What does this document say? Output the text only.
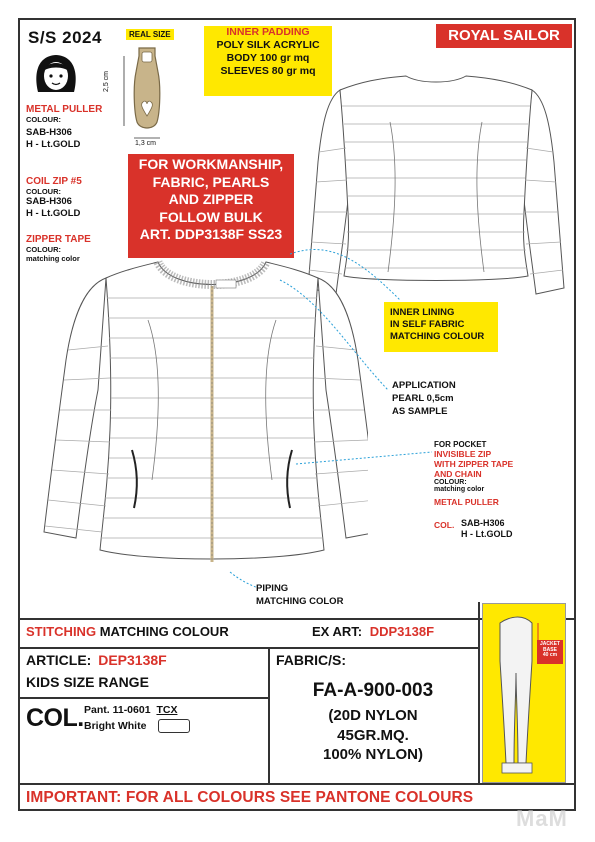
S/S 2024	REAL SIZE	ROYAL SAILOR
2,5 cm
1,3 cm
INNER PADDING
POLY SILK ACRYLIC
BODY 100 gr mq
SLEEVES 80 gr mq
METAL PULLER
COLOUR:
SAB-H306
H - Lt.GOLD
COIL ZIP #5
COLOUR:
SAB-H306
H - Lt.GOLD
ZIPPER TAPE
COLOUR:
matching color
FOR WORKMANSHIP,
FABRIC, PEARLS
AND ZIPPER
FOLLOW BULK
ART. DDP3138F SS23
INNER LINING
IN SELF FABRIC
MATCHING COLOUR
APPLICATION
PEARL 0,5cm
AS SAMPLE
FOR POCKET
INVISIBLE ZIP
WITH ZIPPER TAPE
AND CHAIN
COLOUR:
matching color
METAL PULLER
COL. SAB-H306
H - Lt.GOLD
PIPING
MATCHING COLOR
STITCHING MATCHING COLOUR	EX ART: DDP3138F
ARTICLE: DEP3138F
KIDS SIZE RANGE
COL. Pant. 11-0601 TCX
Bright White
FABRIC/S:
FA-A-900-003
(20D NYLON
45GR.MQ.
100% NYLON)
JACKET BASE
40 cm
IMPORTANT: FOR ALL COLOURS SEE PANTONE COLOURS
MaM
